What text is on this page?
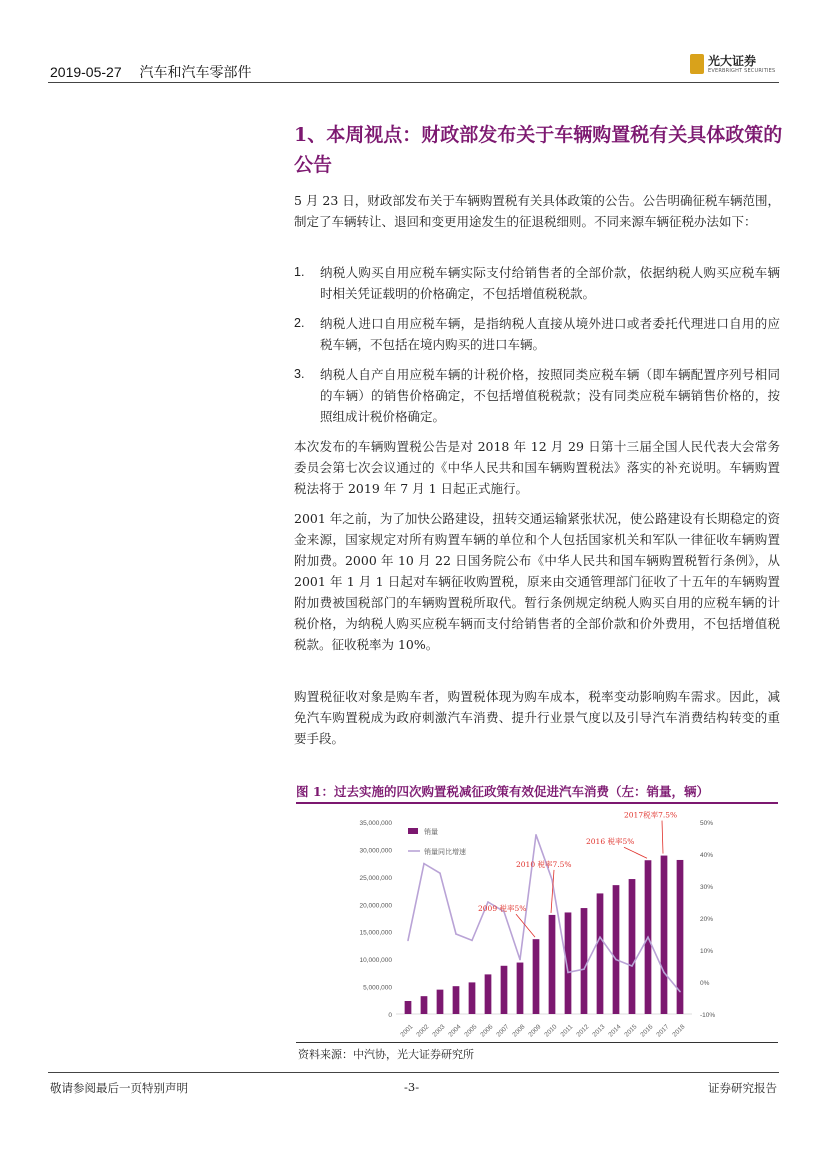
2019-05-27 汽车和汽车零部件
光大证券
EVERBRIGHT SECURITIES
1、本周视点：财政部发布关于车辆购置税有关具体政策的公告
5 月 23 日，财政部发布关于车辆购置税有关具体政策的公告。公告明确征税车辆范围，制定了车辆转让、退回和变更用途发生的征退税细则。不同来源车辆征税办法如下：
1. 纳税人购买自用应税车辆实际支付给销售者的全部价款，依据纳税人购买应税车辆时相关凭证载明的价格确定，不包括增值税税款。
2. 纳税人进口自用应税车辆，是指纳税人直接从境外进口或者委托代理进口自用的应税车辆，不包括在境内购买的进口车辆。
3. 纳税人自产自用应税车辆的计税价格，按照同类应税车辆（即车辆配置序列号相同的车辆）的销售价格确定，不包括增值税税款；没有同类应税车辆销售价格的，按照组成计税价格确定。
本次发布的车辆购置税公告是对 2018 年 12 月 29 日第十三届全国人民代表大会常务委员会第七次会议通过的《中华人民共和国车辆购置税法》落实的补充说明。车辆购置税法将于 2019 年 7 月 1 日起正式施行。
2001 年之前，为了加快公路建设，扭转交通运输紧张状况，使公路建设有长期稳定的资金来源，国家规定对所有购置车辆的单位和个人包括国家机关和军队一律征收车辆购置附加费。2000 年 10 月 22 日国务院公布《中华人民共和国车辆购置税暂行条例》，从 2001 年 1 月 1 日起对车辆征收购置税，原来由交通管理部门征收了十五年的车辆购置附加费被国税部门的车辆购置税所取代。暂行条例规定纳税人购买自用的应税车辆的计税价格，为纳税人购买应税车辆而支付给销售者的全部价款和价外费用，不包括增值税税款。征收税率为 10%。
购置税征收对象是购车者，购置税体现为购车成本，税率变动影响购车需求。因此，减免汽车购置税成为政府刺激汽车消费、提升行业景气度以及引导汽车消费结构转变的重要手段。
图 1：过去实施的四次购置税减征政策有效促进汽车消费（左：销量，辆）
35,000,000
30,000,000
25,000,000
20,000,000
15,000,000
10,000,000
5,000,000
0
50%
40%
30%
20%
10%
0%
-10%
2001 2002 2003 2004 2005 2006 2007 2008 2009 2010 2011 2012 2013 2014 2015 2016 2017 2018
销量
销量同比增速
2009 税率5%
2010 税率7.5%
2016 税率5%
2017税率7.5%
资料来源：中汽协，光大证券研究所
敬请参阅最后一页特别声明	-3-	证券研究报告
